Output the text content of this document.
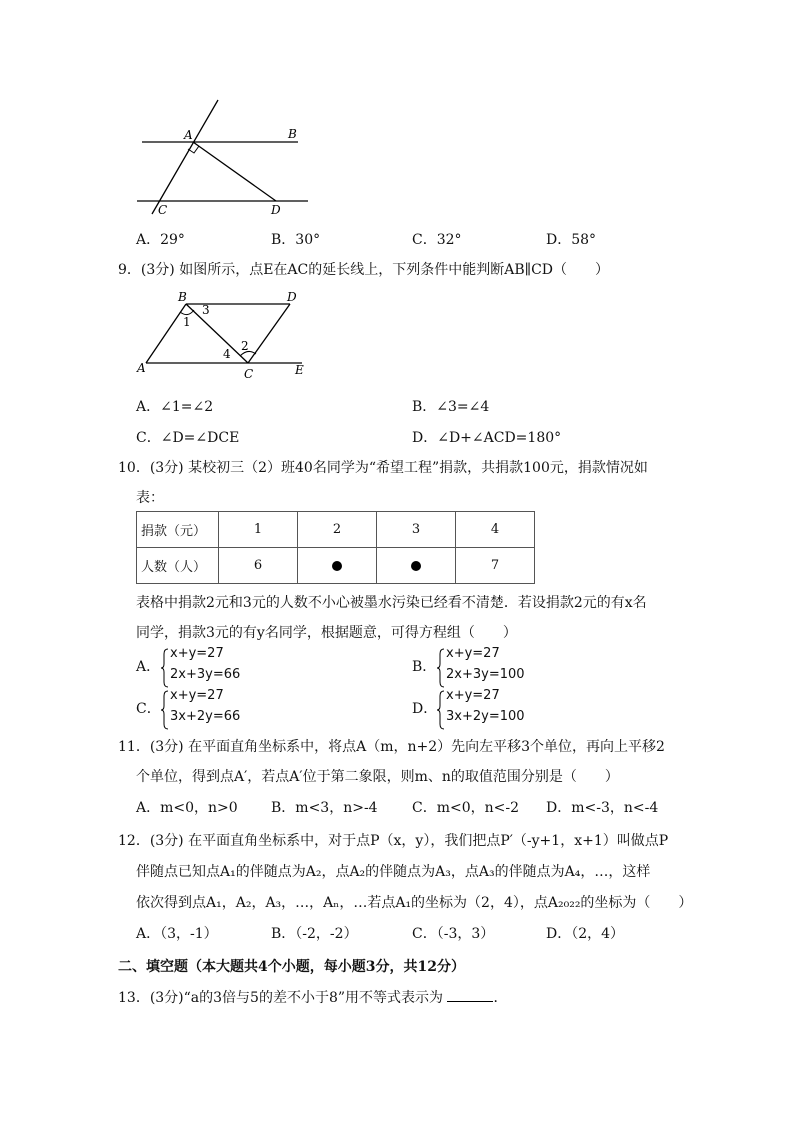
A	B
C	D
A．29°	B．30°	C．32°	D．58°
9．(3分) 如图所示，点E在AC的延长线上，下列条件中能判断AB∥CD（　　）
B	D
A	C	E
1
3
4
2
A．∠1=∠2	B．∠3=∠4
C．∠D=∠DCE	D．∠D+∠ACD=180°
10．(3分) 某校初三（2）班40名同学为“希望工程”捐款，共捐款100元，捐款情况如
表：
捐款（元）	1	2	3	4
人数（人）	6			7
表格中捐款2元和3元的人数不小心被墨水污染已经看不清楚．若设捐款2元的有x名
同学，捐款3元的有y名同学，根据题意，可得方程组（　　）
A．
x+y=27
2x+3y=66	B．
x+y=27
2x+3y=100
C．
x+y=27
3x+2y=66	D．
x+y=27
3x+2y=100
11．(3分) 在平面直角坐标系中，将点A（m，n+2）先向左平移3个单位，再向上平移2
个单位，得到点A′，若点A′位于第二象限，则m、n的取值范围分别是（　　）
A．m<0，n>0 B．m<3，n>-4 C．m<0，n<-2 D．m<-3，n<-4
12．(3分) 在平面直角坐标系中，对于点P（x，y），我们把点P′（-y+1，x+1）叫做点P
伴随点已知点A₁的伴随点为A₂，点A₂的伴随点为A₃，点A₃的伴随点为A₄，…，这样
依次得到点A₁，A₂，A₃，…，Aₙ，…若点A₁的坐标为（2，4），点A₂₀₂₂的坐标为（　　）
A．（3，-1）	B．（-2，-2）	C．（-3，3）	D．（2，4）
二、填空题（本大题共4个小题，每小题3分，共12分）
13．(3分)“a的3倍与5的差不小于8”用不等式表示为	．
